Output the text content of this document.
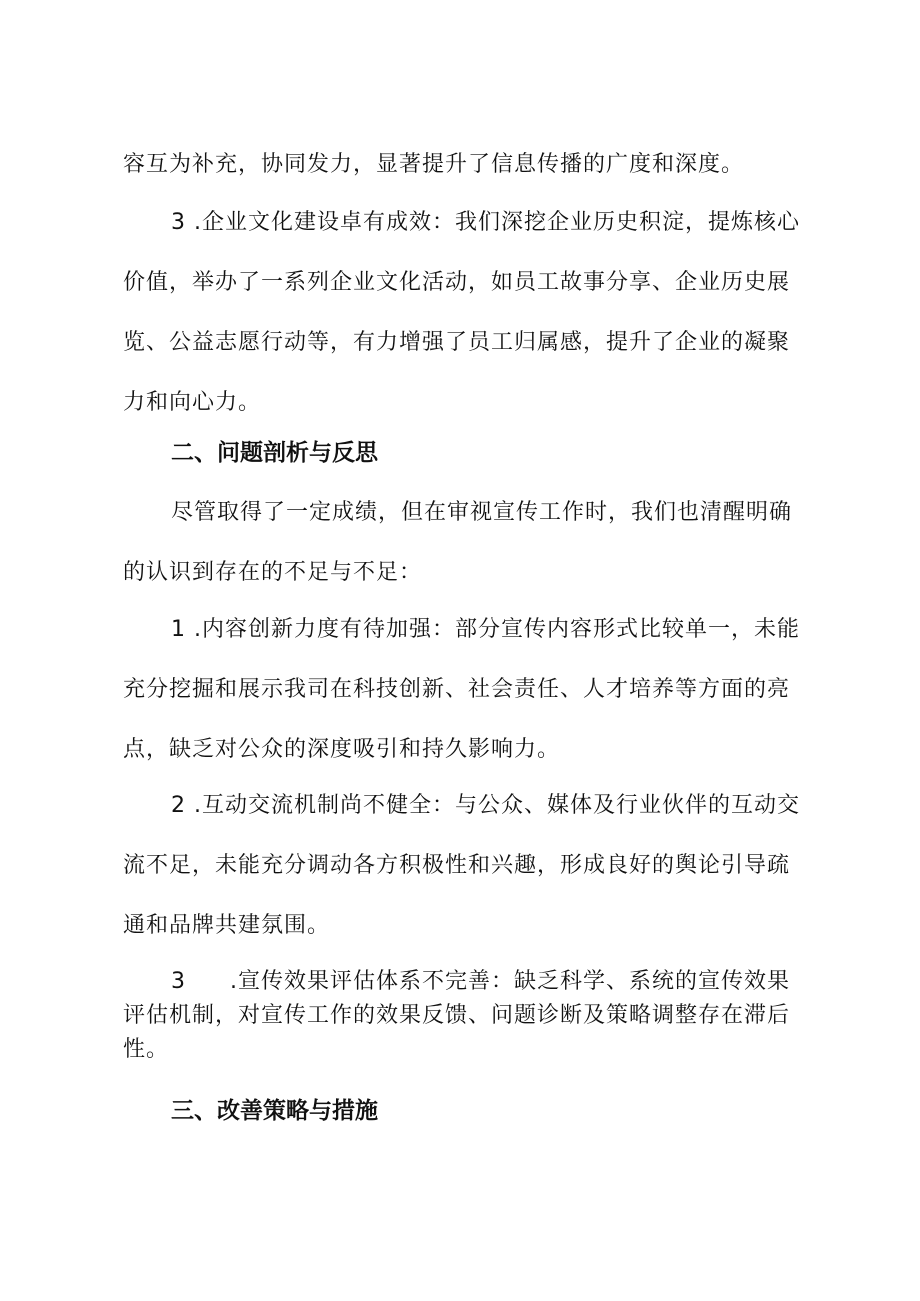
容互为补充，协同发力，显著提升了信息传播的广度和深度。

3 .企业文化建设卓有成效：我们深挖企业历史积淀，提炼核心价值，举办了一系列企业文化活动，如员工故事分享、企业历史展览、公益志愿行动等，有力增强了员工归属感，提升了企业的凝聚力和向心力。

二、问题剖析与反思

尽管取得了一定成绩，但在审视宣传工作时，我们也清醒明确的认识到存在的不足与不足：

1 .内容创新力度有待加强：部分宣传内容形式比较单一，未能充分挖掘和展示我司在科技创新、社会责任、人才培养等方面的亮点，缺乏对公众的深度吸引和持久影响力。

2 .互动交流机制尚不健全：与公众、媒体及行业伙伴的互动交流不足，未能充分调动各方积极性和兴趣，形成良好的舆论引导疏通和品牌共建氛围。

3 .宣传效果评估体系不完善：缺乏科学、系统的宣传效果评估机制，对宣传工作的效果反馈、问题诊断及策略调整存在滞后性。

三、改善策略与措施
